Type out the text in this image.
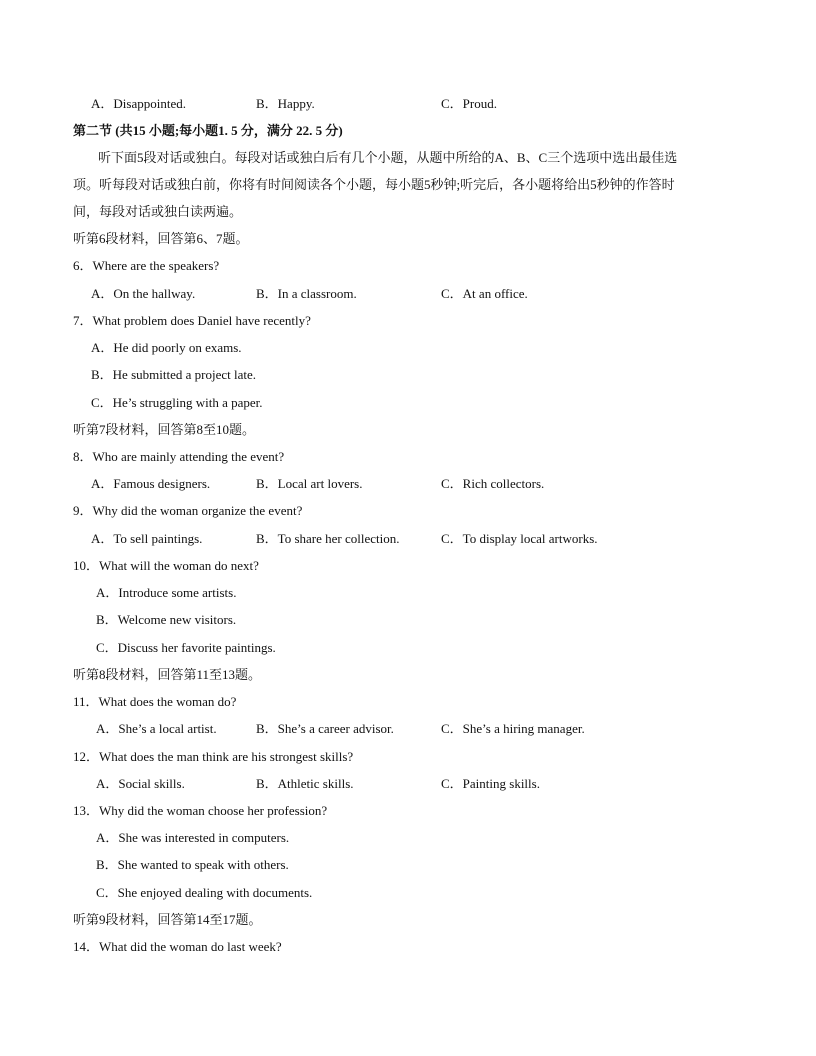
A．Disappointed.	B．Happy.	C．Proud.
第二节 (共15 小题;每小题1. 5 分，满分 22. 5 分)
听下面5段对话或独白。每段对话或独白后有几个小题，从题中所给的A、B、C三个选项中选出最佳选
项。听每段对话或独白前，你将有时间阅读各个小题，每小题5秒钟;听完后，各小题将给出5秒钟的作答时
间，每段对话或独白读两遍。
听第6段材料，回答第6、7题。
6．Where are the speakers?
A．On the hallway.	B．In a classroom.	C．At an office.
7．What problem does Daniel have recently?
A．He did poorly on exams.
B．He submitted a project late.
C．He’s struggling with a paper.
听第7段材料，回答第8至10题。
8．Who are mainly attending the event?
A．Famous designers.	B．Local art lovers.	C．Rich collectors.
9．Why did the woman organize the event?
A．To sell paintings.	B．To share her collection.	C．To display local artworks.
10．What will the woman do next?
A．Introduce some artists.
B．Welcome new visitors.
C．Discuss her favorite paintings.
听第8段材料，回答第11至13题。
11．What does the woman do?
A．She’s a local artist.	B．She’s a career advisor.	C．She’s a hiring manager.
12．What does the man think are his strongest skills?
A．Social skills.	B．Athletic skills.	C．Painting skills.
13．Why did the woman choose her profession?
A．She was interested in computers.
B．She wanted to speak with others.
C．She enjoyed dealing with documents.
听第9段材料，回答第14至17题。
14．What did the woman do last week?
